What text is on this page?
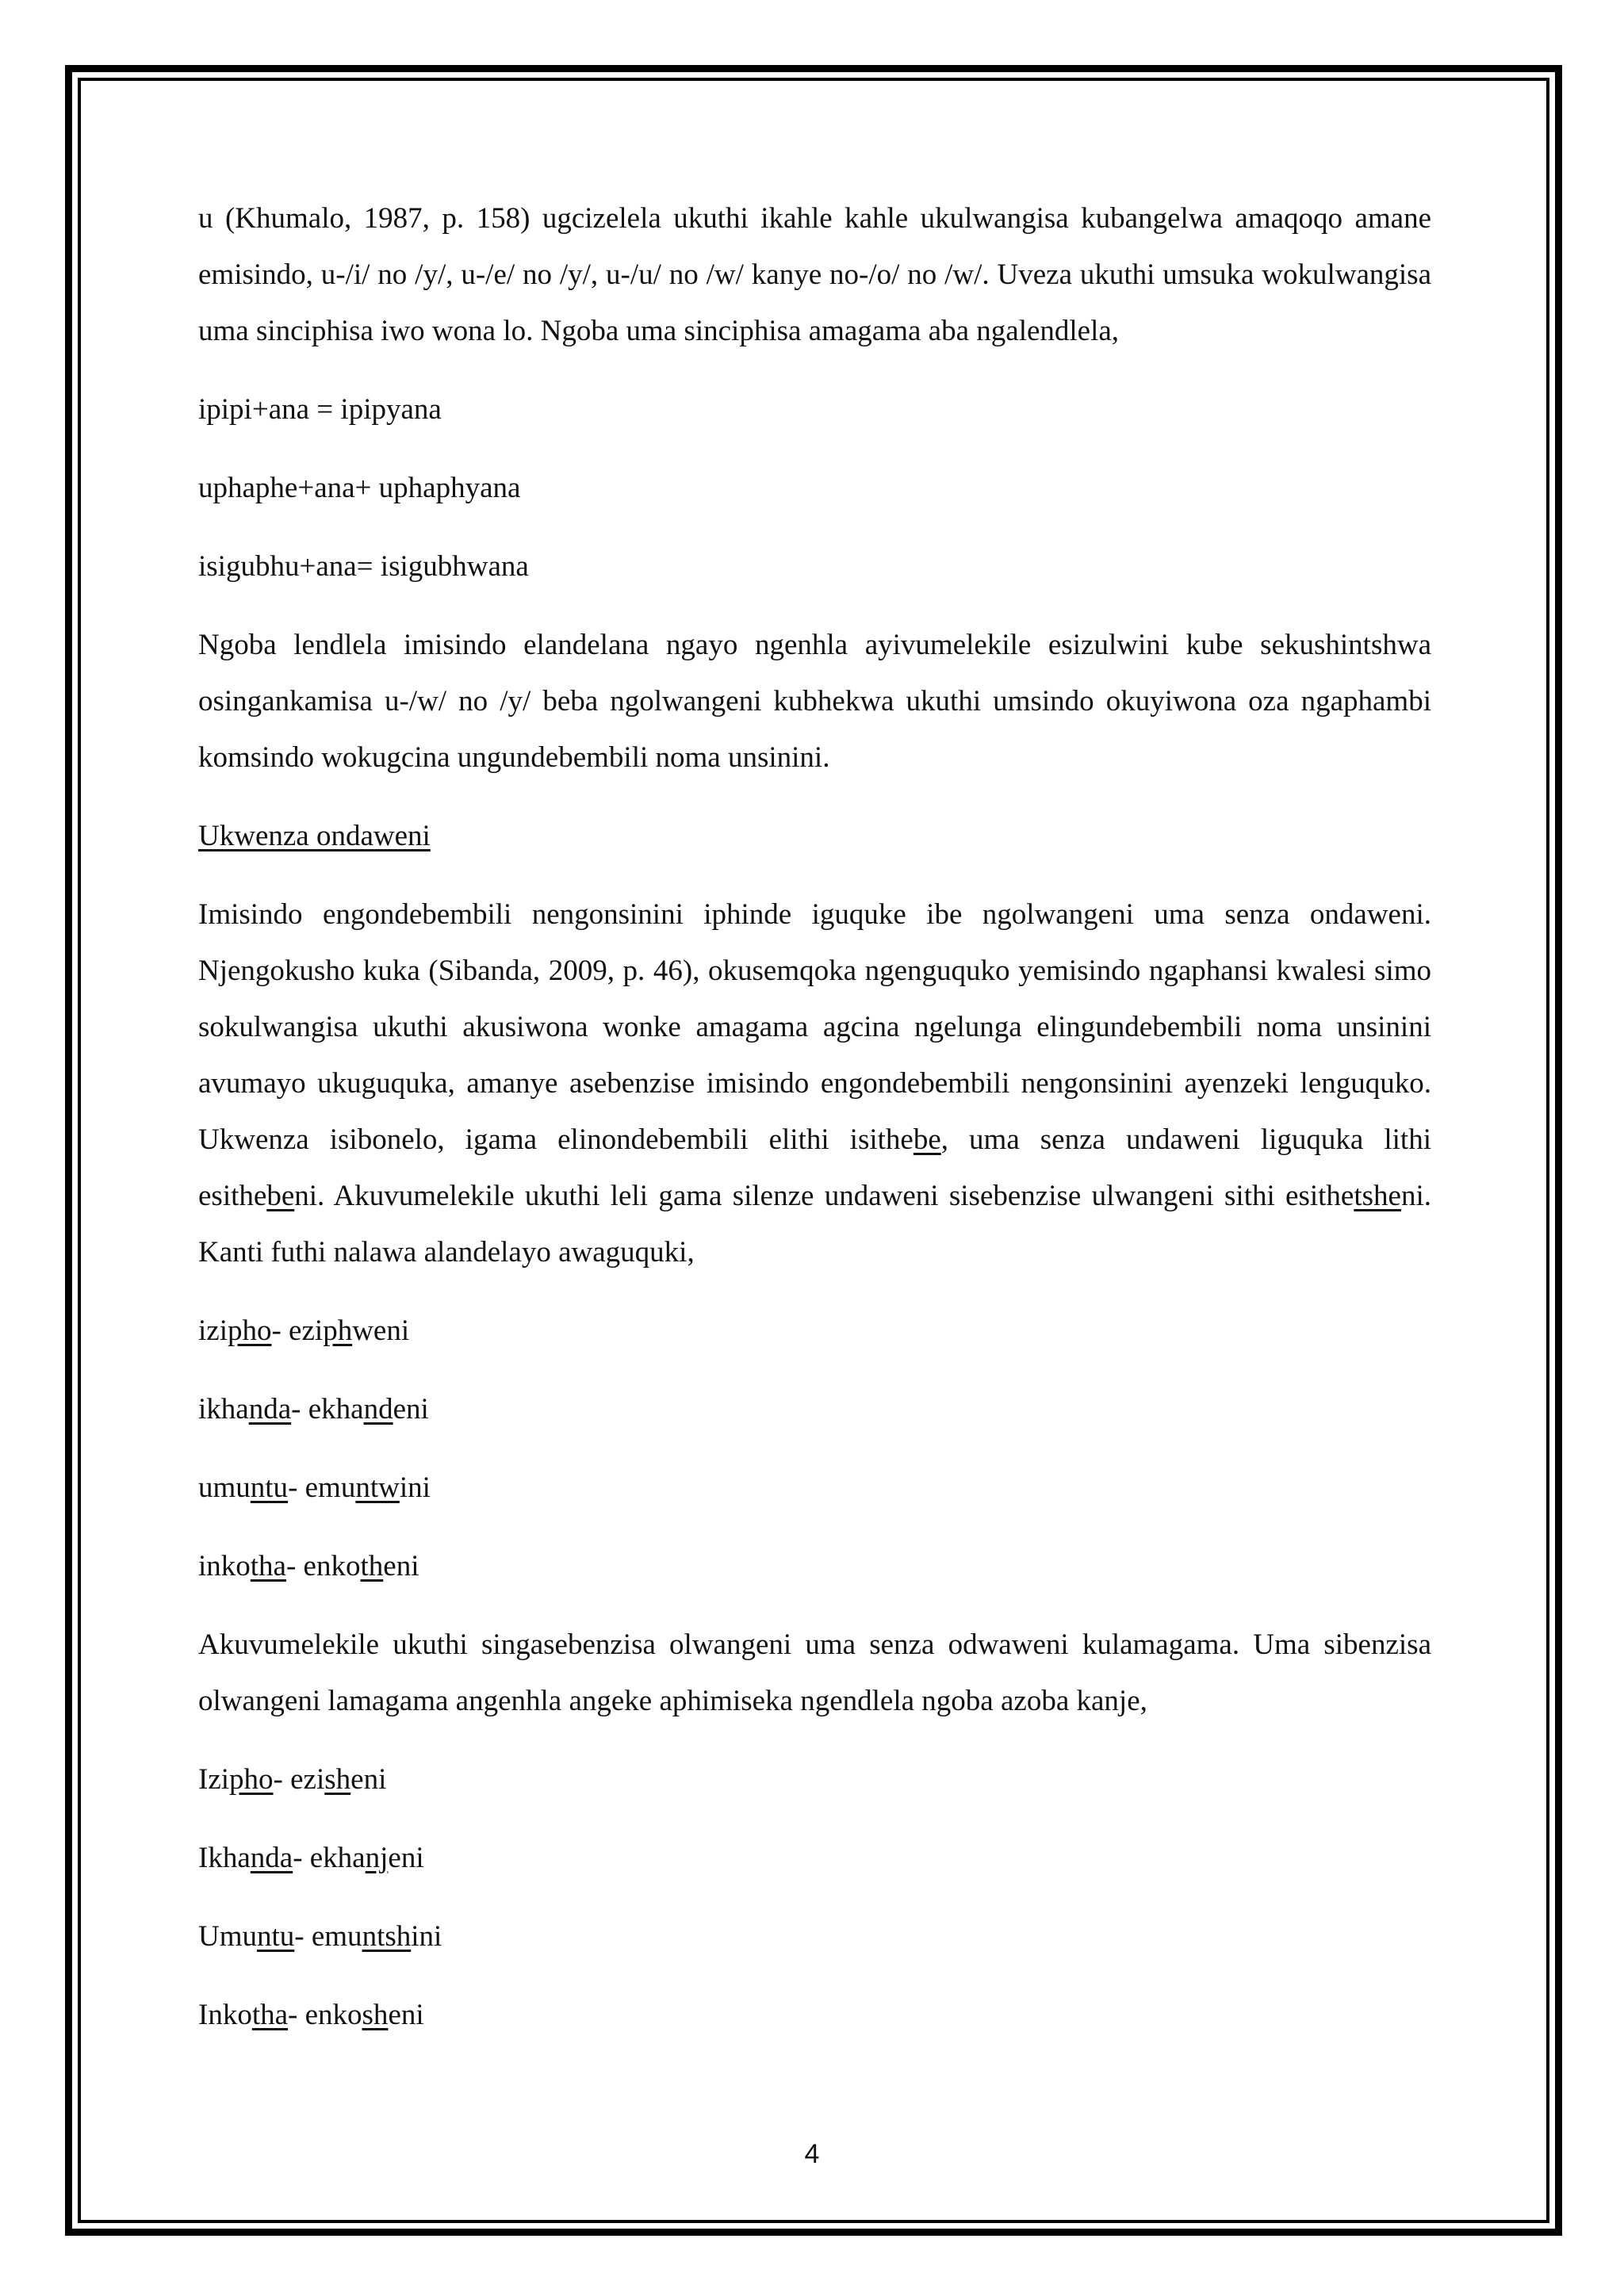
u (Khumalo, 1987, p. 158) ugcizelela ukuthi ikahle kahle ukulwangisa kubangelwa amaqoqo amane emisindo, u-/i/ no /y/, u-/e/ no /y/, u-/u/ no /w/ kanye no-/o/ no /w/. Uveza ukuthi umsuka wokulwangisa uma sinciphisa iwo wona lo. Ngoba uma sinciphisa amagama aba ngalendlela,

ipipi+ana = ipipyana
uphaphe+ana+ uphaphyana
isigubhu+ana= isigubhwana

Ngoba lendlela imisindo elandelana ngayo ngenhla ayivumelekile esizulwini kube sekushintshwa osingankamisa u-/w/ no /y/ beba ngolwangeni kubhekwa ukuthi umsindo okuyiwona oza ngaphambi komsindo wokugcina ungundebembili noma unsinini.

Ukwenza ondaweni

Imisindo engondebembili nengonsinini iphinde iguquke ibe ngolwangeni uma senza ondaweni. Njengokusho kuka (Sibanda, 2009, p. 46), okusemqoka ngenguquko yemisindo ngaphansi kwalesi simo sokulwangisa ukuthi akusiwona wonke amagama agcina ngelunga elingundebembili noma unsinini avumayo ukuguquka, amanye asebenzise imisindo engondebembili nengonsinini ayenzeki lenguquko. Ukwenza isibonelo, igama elinondebembili elithi isithebe, uma senza undaweni liguquka lithi esithebeni. Akuvumelekile ukuthi leli gama silenze undaweni sisebenzise ulwangeni sithi esithetsheni. Kanti futhi nalawa alandelayo awaguquki,

izipho- eziphweni
ikhanda- ekhandeni
umuntu- emuntwini
inkotha- enkotheni

Akuvumelekile ukuthi singasebenzisa olwangeni uma senza odwaweni kulamagama. Uma sibenzisa olwangeni lamagama angenhla angeke aphimiseka ngendlela ngoba azoba kanje,

Izipho- ezisheni
Ikhanda- ekhanjeni
Umuntu- emuntshini
Inkotha- enkosheni
4
